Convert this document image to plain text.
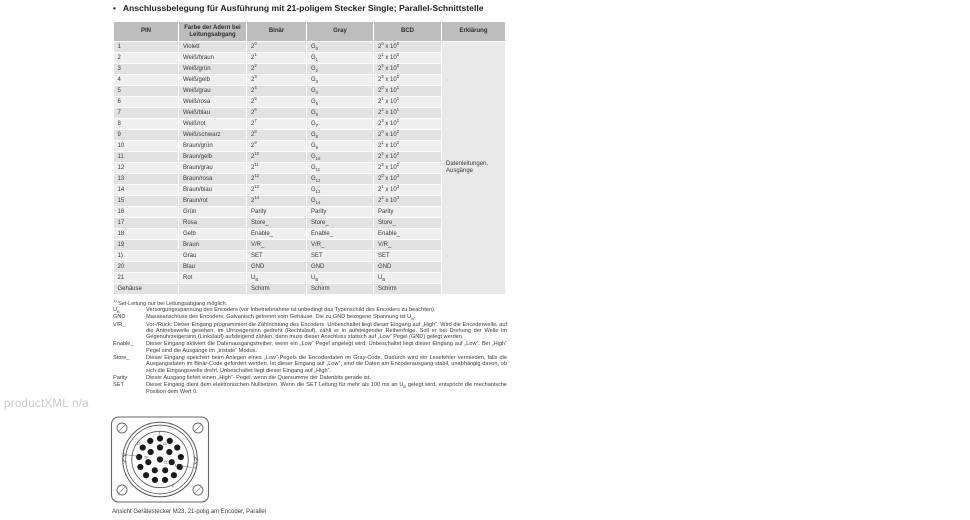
• Anschlussbelegung für Ausführung mit 21-poligem Stecker Single; Parallel-Schnittstelle
PIN	Farbe der Adern bei Leitungsabgang	Binär	Gray	BCD	Erklärung
1	Violett	$2^0$	$G_0$	$2^0$ x $10^0$	Datenleitungen, Ausgänge
2	Weiß/braun	$2^1$	$G_1$	$2^1$ x $10^0$
3	Weiß/grün	$2^2$	$G_2$	$2^2$ x $10^0$
4	Weiß/gelb	$2^3$	$G_3$	$2^3$ x $10^0$
5	Weiß/grau	$2^4$	$G_4$	$2^0$ x $10^1$
6	Weiß/rosa	$2^5$	$G_5$	$2^1$ x $10^1$
7	Weiß/blau	$2^6$	$G_6$	$2^2$ x $10^1$
8	Weiß/rot	$2^7$	$G_7$	$2^3$ x $10^1$
9	Weiß/schwarz	$2^8$	$G_8$	$2^0$ x $10^2$
10	Braun/grün	$2^9$	$G_9$	$2^1$ x $10^2$
11	Braun/gelb	$2^{10}$	$G_{10}$	$2^2$ x $10^2$
12	Braun/grau	$2^{11}$	$G_{11}$	$2^3$ x $10^2$
13	Braun/rosa	$2^{12}$	$G_{12}$	$2^0$ x $10^3$
14	Braun/blau	$2^{13}$	$G_{13}$	$2^1$ x $10^3$
15	Braun/rot	$2^{14}$	$G_{14}$	$2^2$ x $10^3$
16	Grün	Parity	Parity	Parity	
17	Rosa	Store_	Store_	Store_	
18	Gelb	Enable_	Enable_	Enable_	
19	Braun	V/R_	V/R_	V/R_	
1)	Grau	SET	SET	SET	
20	Blau	GND	GND	GND	
21	Rot	$U_B$	$U_B$	$U_B$
Gehäuse		Schirm	Schirm	Schirm	
$^{1)}$ Set-Leitung nur bei Leitungsabgang möglich.
$U_B$	Versorgungsspannung des Encoders (vor Inbetriebnahme ist unbedingt das Typenschild des Encoders zu beachten).
GND	Masseanschluss des Encoders; Galvanisch getrennt vom Gehäuse. Die zu GND bezogene Spannung ist $U_B$.
V/R_	Vor-/Rück: Dieser Eingang programmiert die Zählrichtung des Encoders. Unbeschaltet liegt dieser Eingang auf „High“. Wird die Encoderwelle, auf die Antriebswelle gesehen, im Uhrzeigersinn gedreht (Rechtslauf), zählt er in aufsteigender Reihenfolge. Soll er bei Drehung der Welle im Gegenuhrzeigersinn (Linkslauf) aufsteigend zählen, dann muss dieser Anschluss statisch auf „Low“ Pegel (GND) gelegt werden.
Enable_	Dieser Eingang aktiviert die Datenausgangstreiber, wenn ein „Low“ Pegel angelegt wird. Unbeschaltet liegt dieser Eingang auf „Low“. Bei „High“ Pegel sind die Ausgänge im „tristate“ Modus.
Store_	Dieser Eingang speichert beim Anlegen eines „Low“-Pegels die Encoderdaten im Gray-Code. Dadurch wird ein Lesefehler vermieden, falls die Ausgangsdaten im Binär-Code gefordert werden. Ist dieser Eingang auf „Low“, sind die Daten am Encoderausgang stabil, unabhängig davon, ob sich die Eingangswelle dreht. Unbeschaltet liegt dieser Eingang auf „High“.
Parity	Dieser Ausgang liefert einen „High“- Pegel, wenn die Quersumme der Datenbits gerade ist.
SET	Dieser Eingang dient dem elektronischen Nullsetzen. Wenn die SET Leitung für mehr als 100 ms an $U_B$ gelegt wird, entspricht die mechanische Position dem Wert 0.
productXML n/a
1
13
11
10
20
21
16
4
5
Ansicht Gerätestecker M23, 21-polig am Encoder, Parallel
